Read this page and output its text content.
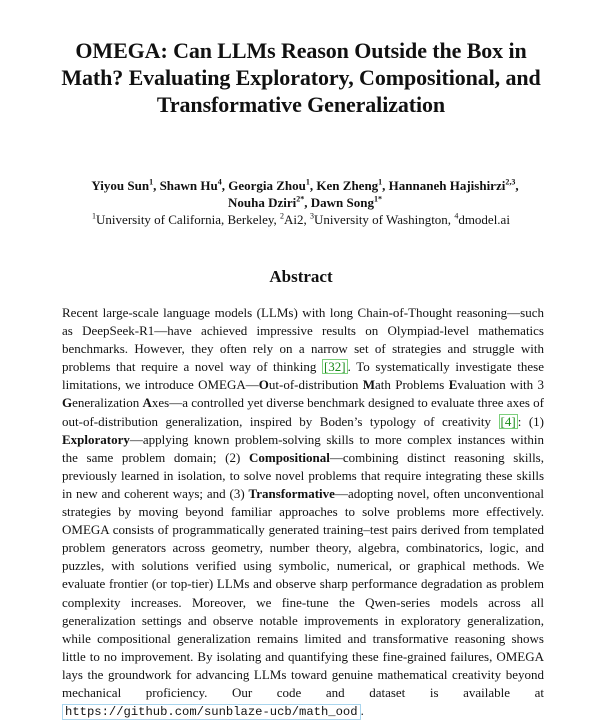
OMEGA: Can LLMs Reason Outside the Box in
Math? Evaluating Exploratory, Compositional, and
Transformative Generalization
Yiyou Sun$^1$, Shawn Hu$^4$, Georgia Zhou$^1$, Ken Zheng$^1$, Hannaneh Hajishirzi$^{2,3}$,
Nouha Dziri$^{2*}$, Dawn Song$^{1*}$
$^1$University of California, Berkeley, $^2$Ai2, $^3$University of Washington, $^4$dmodel.ai
Abstract
Recent large-scale language models (LLMs) with long Chain-of-Thought reasoning—such as DeepSeek-R1—have achieved impressive results on Olympiad-level mathematics benchmarks. However, they often rely on a narrow set of strategies and struggle with problems that require a novel way of thinking [32] . To systematically investigate these limitations, we introduce OMEGA—Out-of-distribution Math Problems Evaluation with 3 Generalization Axes—a controlled yet diverse benchmark designed to evaluate three axes of out-of-distribution generalization, inspired by Boden’s typology of creativity [4] : (1) Exploratory—applying known problem-solving skills to more complex instances within the same problem domain; (2) Compositional—combining distinct reasoning skills, previously learned in isolation, to solve novel problems that require integrating these skills in new and coherent ways; and (3) Transformative—adopting novel, often unconventional strategies by moving beyond familiar approaches to solve problems more effectively. OMEGA consists of programmatically generated training–test pairs derived from templated problem generators across geometry, number theory, algebra, combinatorics, logic, and puzzles, with solutions verified using symbolic, numerical, or graphical methods. We evaluate frontier (or top-tier) LLMs and observe sharp performance degradation as problem complexity increases. Moreover, we fine-tune the Qwen-series models across all generalization settings and observe notable improvements in exploratory generalization, while compositional generalization remains limited and transformative reasoning shows little to no improvement. By isolating and quantifying these fine-grained failures, OMEGA lays the groundwork for advancing LLMs toward genuine mathematical creativity beyond mechanical proficiency. Our code and dataset is available at https://github.com/sunblaze-ucb/math_ood .
